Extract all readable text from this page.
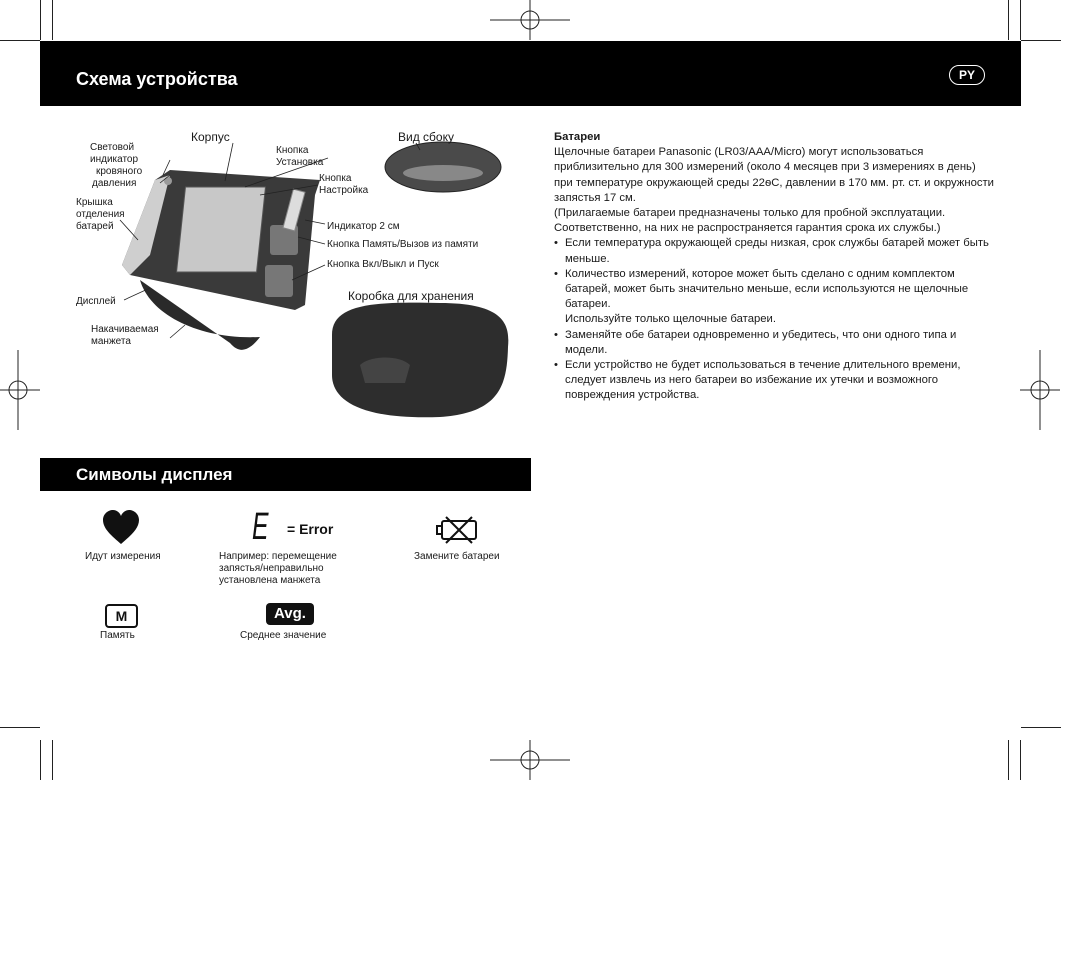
Схема устройства	PY
Корпус	Вид сбоку
Световой
индикатор
кровяного
давления
Крышка
отделения
батарей
Дисплей
Накачиваемая
манжета
Кнопка
Установка
Кнопка
Настройка
Индикатор 2 см
Кнопка Память/Вызов из памяти
Кнопка Вкл/Выкл и Пуск
Коробка для хранения

Батареи

Щелочные батареи Panasonic (LR03/AAA/Micro) могут использоваться приблизительно для 300 измерений (около 4 месяцев при 3 измерениях в день) при температуре окружающей среды 22ѳC, давлении в 170 мм. рт. ст. и окружности запястья 17 см.

(Прилагаемые батареи предназначены только для пробной эксплуатации. Соответственно, на них не распространяется гарантия срока их службы.)

• Если температура окружающей среды низкая, срок службы батарей может быть меньше.
• Количество измерений, которое может быть сделано с одним комплектом батарей, может быть значительно меньше, если используются не щелочные батареи.
Используйте только щелочные батареи.
• Заменяйте обе батареи одновременно и убедитесь, что они одного типа и модели.
• Если устройство не будет использоваться в течение длительного времени, следует извлечь из него батареи во избежание их утечки и возможного повреждения устройства.
Символы дисплея
Идут измерения
E = Error
Например: перемещение
запястья/неправильно
установлена манжета
Замените батареи
M
Память
Avg.
Среднее значение
